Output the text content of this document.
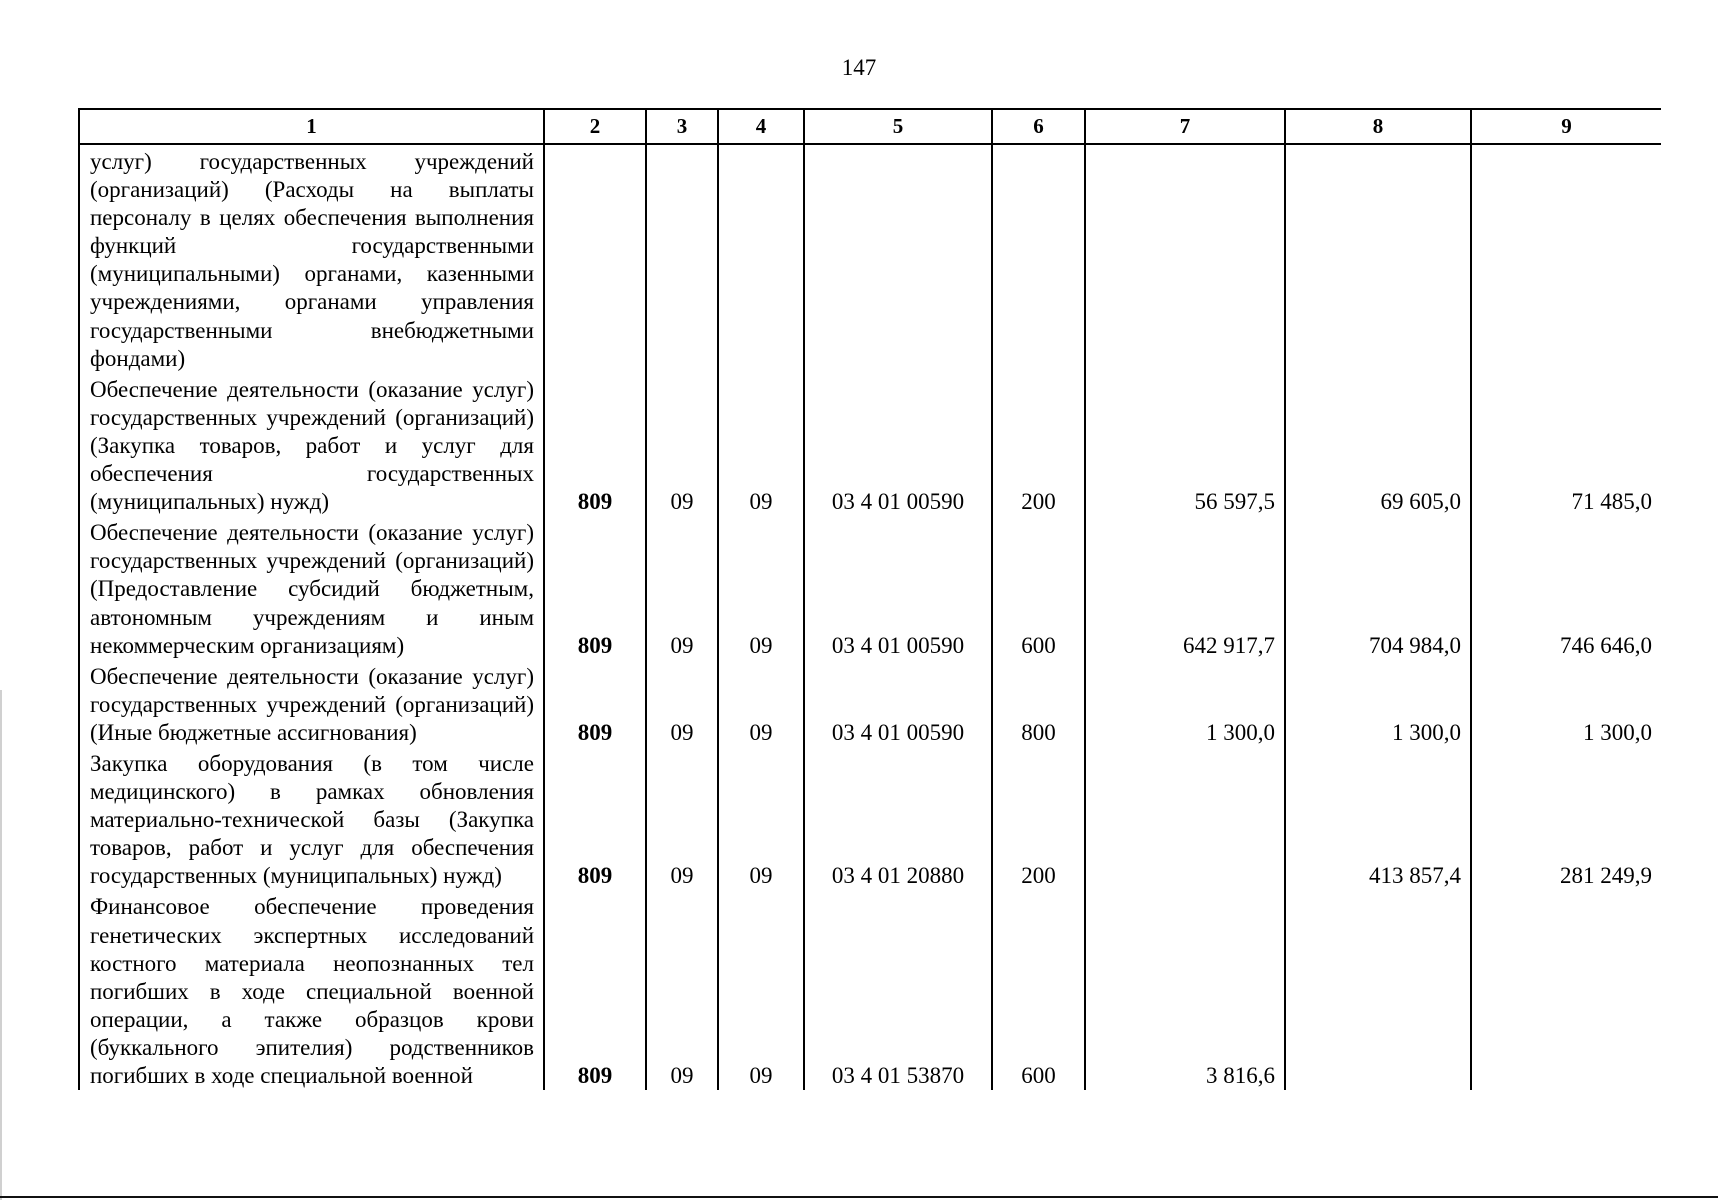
147
1	2	3	4	5	6	7	8	9
услуг) государственных учреждений (организаций) (Расходы на выплаты персоналу в целях обеспечения выполнения функций государственными (муниципальными) органами, казенными учреждениями, органами управления государственными внебюджетными фондами)								
Обеспечение деятельности (оказание услуг) государственных учреждений (организаций) (Закупка товаров, работ и услуг для обеспечения государственных (муниципальных) нужд)	809	09	09	03 4 01 00590	200	56 597,5	69 605,0	71 485,0
Обеспечение деятельности (оказание услуг) государственных учреждений (организаций) (Предоставление субсидий бюджетным, автономным учреждениям и иным некоммерческим организациям)	809	09	09	03 4 01 00590	600	642 917,7	704 984,0	746 646,0
Обеспечение деятельности (оказание услуг) государственных учреждений (организаций) (Иные бюджетные ассигнования)	809	09	09	03 4 01 00590	800	1 300,0	1 300,0	1 300,0
Закупка оборудования (в том числе медицинского) в рамках обновления материально-технической базы (Закупка товаров, работ и услуг для обеспечения государственных (муниципальных) нужд)	809	09	09	03 4 01 20880	200		413 857,4	281 249,9
Финансовое обеспечение проведения генетических экспертных исследований костного материала неопознанных тел погибших в ходе специальной военной операции, а также образцов крови (буккального эпителия) родственников погибших в ходе специальной военной	809	09	09	03 4 01 53870	600	3 816,6		
